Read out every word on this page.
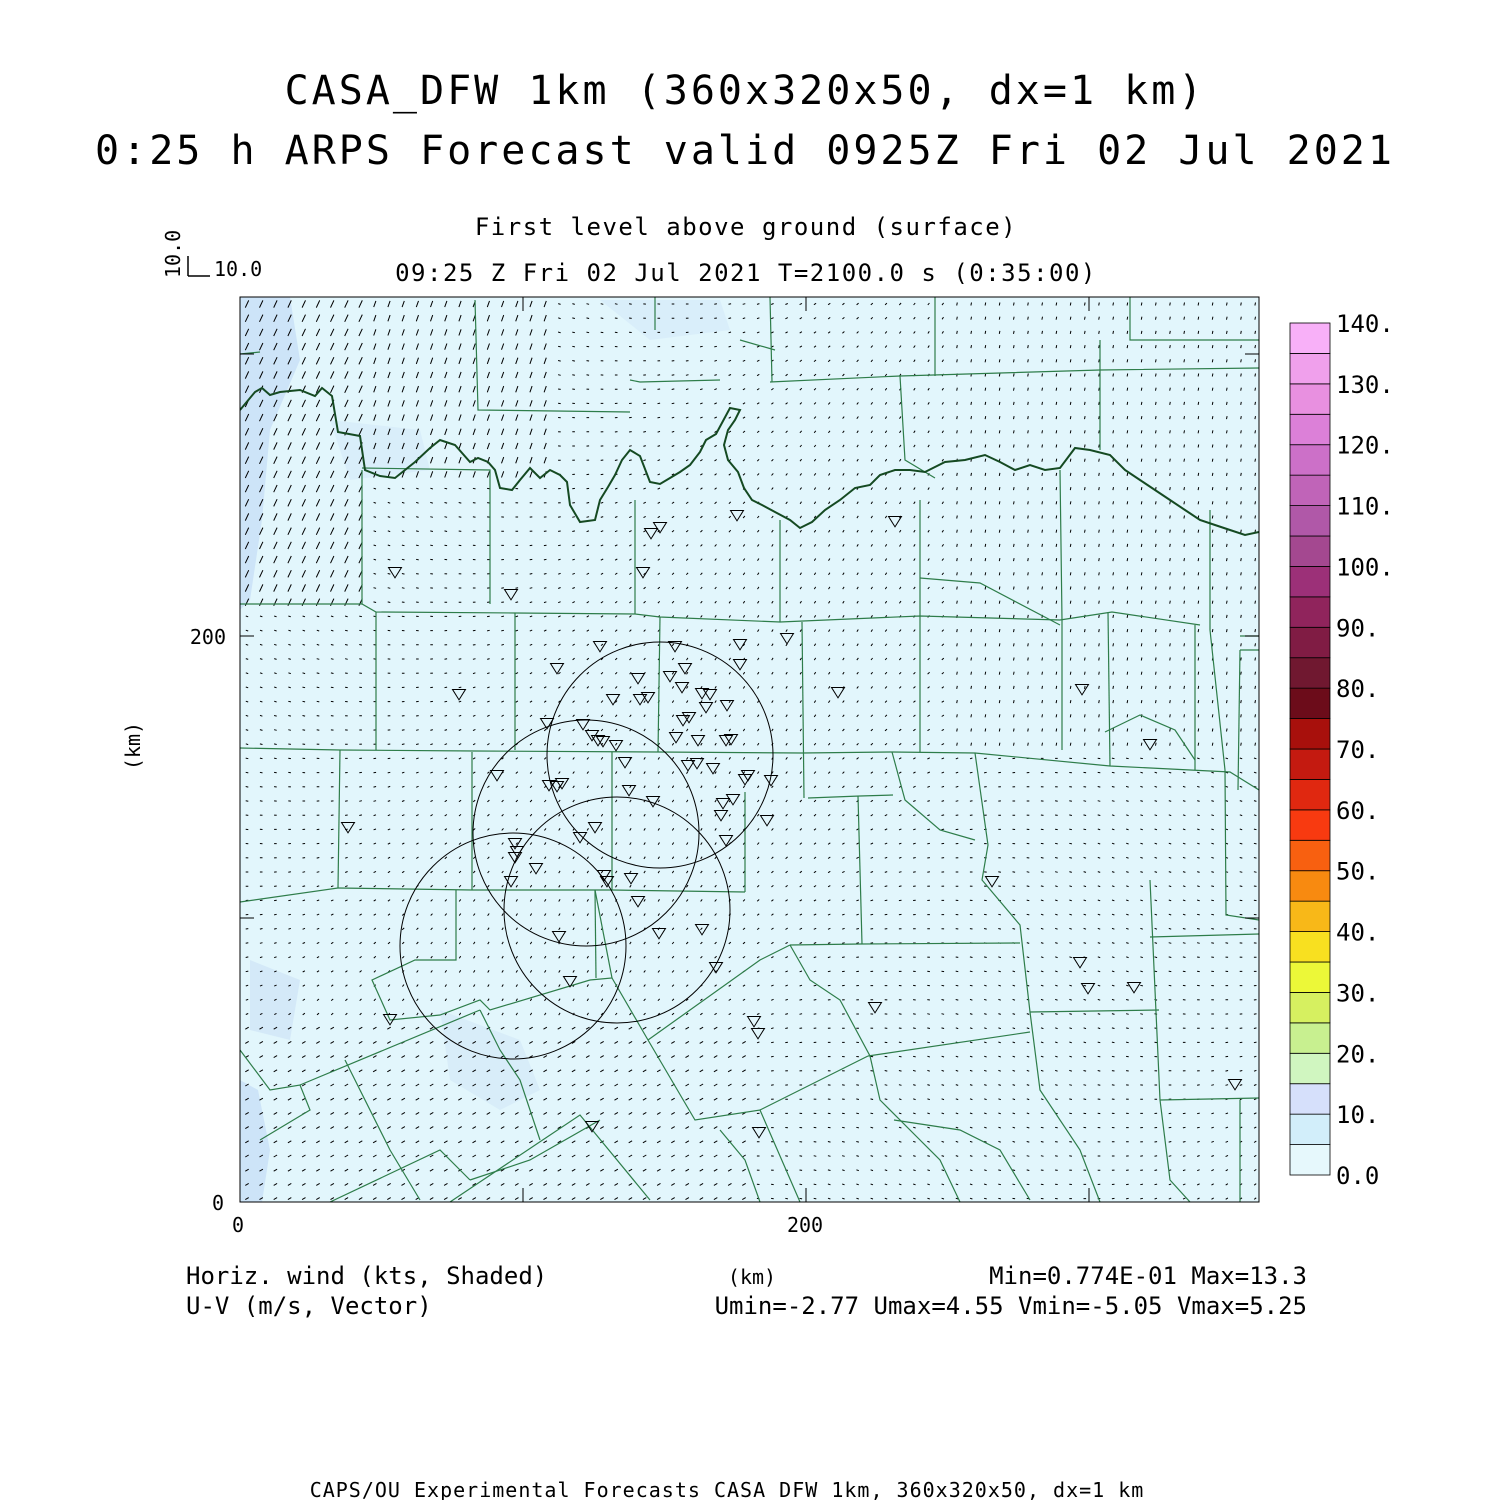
CASA_DFW 1km (360x320x50, dx=1 km)
0:25 h ARPS Forecast valid 0925Z Fri 02 Jul 2021
First level above ground (surface)
09:25 Z Fri 02 Jul 2021 T=2100.0 s (0:35:00)
10.0 10.0
200
0
0	200
(km)
(km)
0.0
10.
20.
30.
40.
50.
60.
70.
80.
90.
100.
110.
120.
130.
140.
Horiz. wind (kts, Shaded)
U-V (m/s, Vector)
Min=0.774E-01 Max=13.3
Umin=-2.77 Umax=4.55 Vmin=-5.05 Vmax=5.25
CAPS/OU Experimental Forecasts CASA DFW 1km, 360x320x50, dx=1 km
